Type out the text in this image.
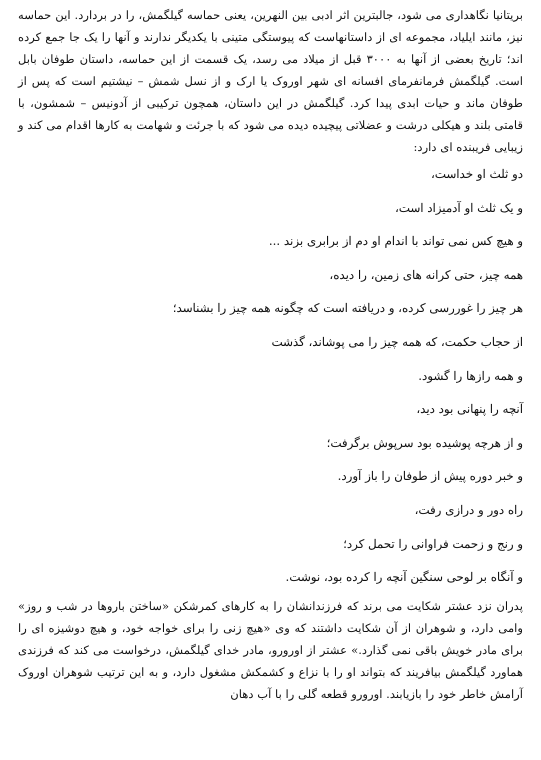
بریتانیا نگاهداری می شود، جالبترین اثر ادبی بین النهرین، یعنی حماسه گیلگمش، را در بردارد. این حماسه نیز، مانند ایلیاد، مجموعه ای از داستانهاست که پیوستگی متینی با یکدیگر ندارند و آنها را یک جا جمع کرده اند؛ تاریخ بعضی از آنها به ۳۰۰۰ قبل از میلاد می رسد، یک قسمت از این حماسه، داستان طوفان بابل است. گیلگمش فرمانفرمای افسانه ای شهر اوروک یا ارک و از نسل شمش – نیشتیم است که پس از طوفان ماند و حیات ابدی پیدا کرد. گیلگمش در این داستان، همچون ترکیبی از آدونیس – شمشون، با قامتی بلند و هیکلی درشت و عضلاتی پیچیده دیده می شود که با جرئت و شهامت به کارها اقدام می کند و زیبایی فریبنده ای دارد:

دو ثلث او خداست،
و یک ثلث او آدمیزاد است،
و هیچ کس نمی تواند با اندام او دم از برابری بزند ...
همه چیز، حتی کرانه های زمین، را دیده،
هر چیز را غوررسی کرده، و دریافته است که چگونه همه چیز را بشناسد؛
از حجاب حکمت، که همه چیز را می پوشاند، گذشت
و همه رازها را گشود.
آنچه را پنهانی بود دید،
و از هرچه پوشیده بود سرپوش برگرفت؛
و خبر دوره پیش از طوفان را باز آورد.
راه دور و درازی رفت،
و رنج و زحمت فراوانی را تحمل کرد؛
و آنگاه بر لوحی سنگین آنچه را کرده بود، نوشت.

پدران نزد عشتر شکایت می برند که فرزندانشان را به کارهای کمرشکن «ساختن باروها در شب و روز» وامی دارد، و شوهران از آن شکایت داشتند که وی «هیچ زنی را برای خواجه خود، و هیچ دوشیزه ای را برای مادر خویش باقی نمی گذارد.» عشتر از اورورو، مادر خدای گیلگمش، درخواست می کند که فرزندی هماورد گیلگمش بیافریند که بتواند او را با نزاع و کشمکش مشغول دارد، و به این ترتیب شوهران اوروک آرامش خاطر خود را بازیابند. اورورو قطعه گلی را با آب دهان
